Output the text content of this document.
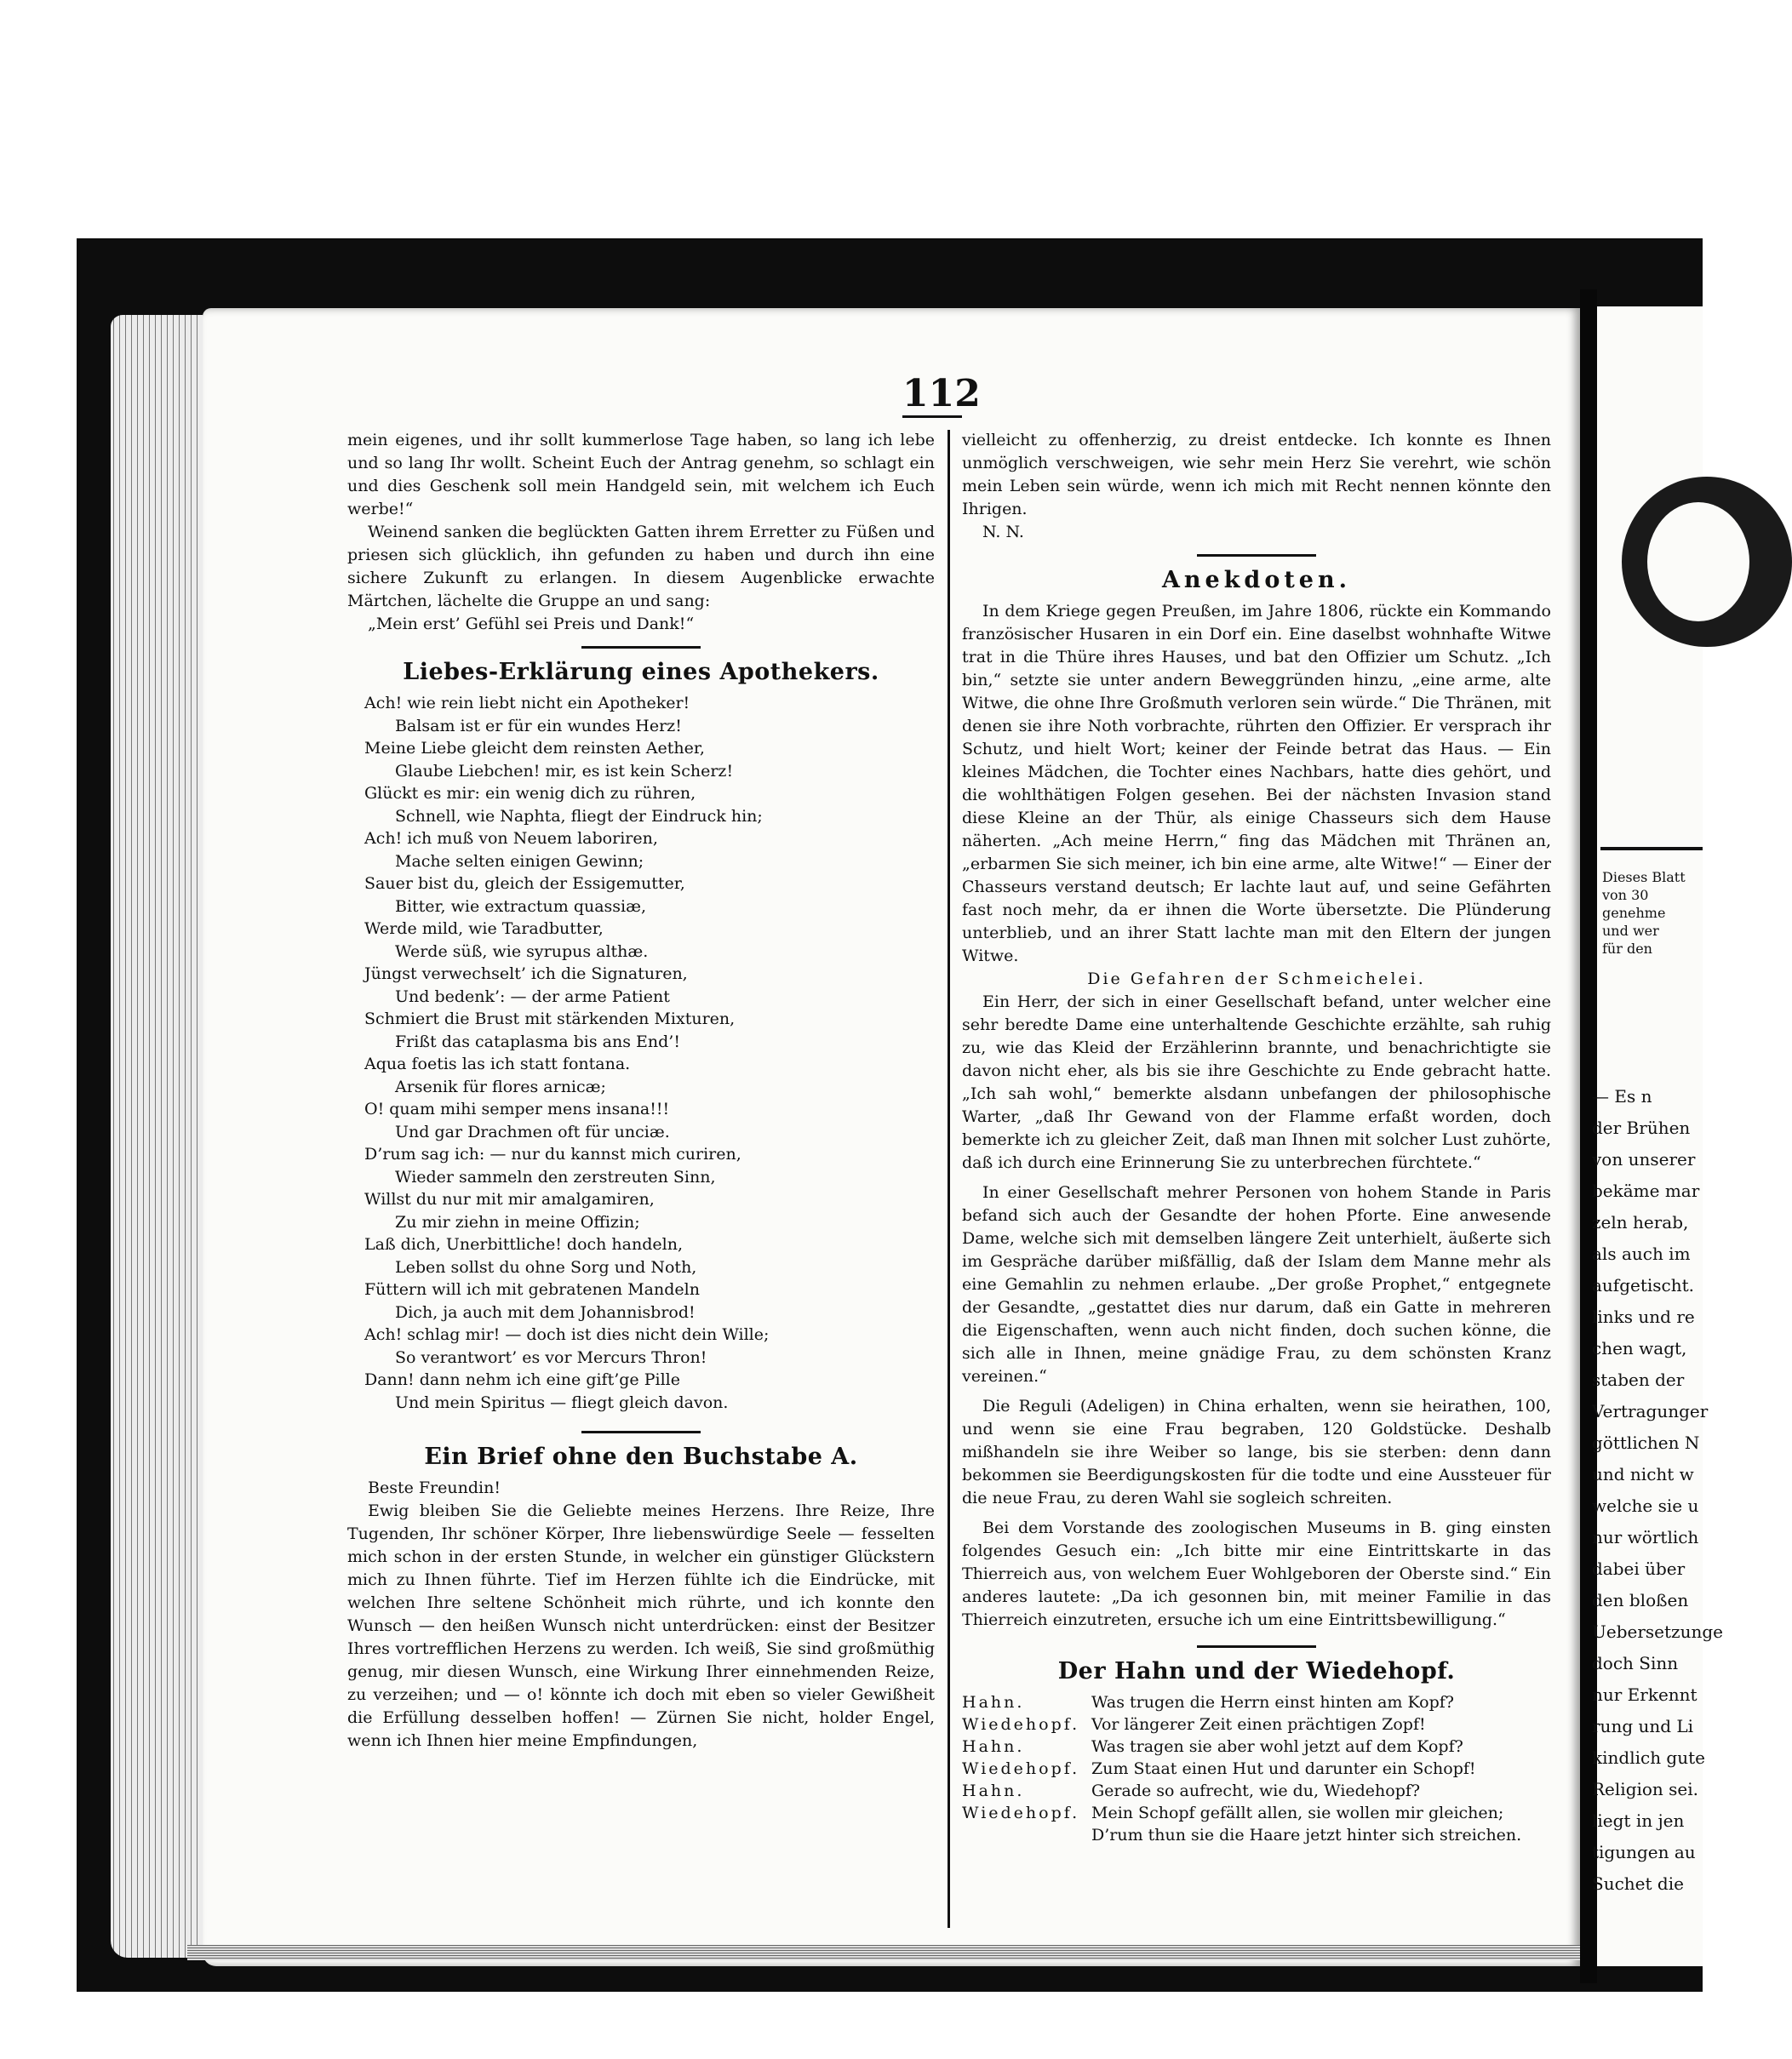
112

mein eigenes, und ihr sollt kummerlose Tage haben, so lang ich lebe und so lang Ihr wollt. Scheint Euch der Antrag genehm, so schlagt ein und dies Geschenk soll mein Handgeld sein, mit welchem ich Euch werbe!“

Weinend sanken die beglückten Gatten ihrem Erretter zu Füßen und priesen sich glücklich, ihn gefunden zu haben und durch ihn eine sichere Zukunft zu erlangen. In diesem Augenblicke erwachte Märtchen, lächelte die Gruppe an und sang:

„Mein erst’ Gefühl sei Preis und Dank!“

Liebes-Erklärung eines Apothekers.
Ach! wie rein liebt nicht ein Apotheker!
Balsam ist er für ein wundes Herz!
Meine Liebe gleicht dem reinsten Aether,
Glaube Liebchen! mir, es ist kein Scherz!
Glückt es mir: ein wenig dich zu rühren,
Schnell, wie Naphta, fliegt der Eindruck hin;
Ach! ich muß von Neuem laboriren,
Mache selten einigen Gewinn;
Sauer bist du, gleich der Essigemutter,
Bitter, wie extractum quassiæ,
Werde mild, wie Taradbutter,
Werde süß, wie syrupus althæ.
Jüngst verwechselt’ ich die Signaturen,
Und bedenk’: — der arme Patient
Schmiert die Brust mit stärkenden Mixturen,
Frißt das cataplasma bis ans End’!
Aqua foetis las ich statt fontana.
Arsenik für flores arnicæ;
O! quam mihi semper mens insana!!!
Und gar Drachmen oft für unciæ.
D’rum sag ich: — nur du kannst mich curiren,
Wieder sammeln den zerstreuten Sinn,
Willst du nur mit mir amalgamiren,
Zu mir ziehn in meine Offizin;
Laß dich, Unerbittliche! doch handeln,
Leben sollst du ohne Sorg und Noth,
Füttern will ich mit gebratenen Mandeln
Dich, ja auch mit dem Johannisbrod!
Ach! schlag mir! — doch ist dies nicht dein Wille;
So verantwort’ es vor Mercurs Thron!
Dann! dann nehm ich eine gift’ge Pille
Und mein Spiritus — fliegt gleich davon.
Ein Brief ohne den Buchstabe A.

Beste Freundin!

Ewig bleiben Sie die Geliebte meines Herzens. Ihre Reize, Ihre Tugenden, Ihr schöner Körper, Ihre liebenswürdige Seele — fesselten mich schon in der ersten Stunde, in welcher ein günstiger Glückstern mich zu Ihnen führte. Tief im Herzen fühlte ich die Eindrücke, mit welchen Ihre seltene Schönheit mich rührte, und ich konnte den Wunsch — den heißen Wunsch nicht unterdrücken: einst der Besitzer Ihres vortrefflichen Herzens zu werden. Ich weiß, Sie sind großmüthig genug, mir diesen Wunsch, eine Wirkung Ihrer einnehmenden Reize, zu verzeihen; und — o! könnte ich doch mit eben so vieler Gewißheit die Erfüllung desselben hoffen! — Zürnen Sie nicht, holder Engel, wenn ich Ihnen hier meine Empfindungen,

vielleicht zu offenherzig, zu dreist entdecke. Ich konnte es Ihnen unmöglich verschweigen, wie sehr mein Herz Sie verehrt, wie schön mein Leben sein würde, wenn ich mich mit Recht nennen könnte den Ihrigen.

N. N.

Anekdoten.

In dem Kriege gegen Preußen, im Jahre 1806, rückte ein Kommando französischer Husaren in ein Dorf ein. Eine daselbst wohnhafte Witwe trat in die Thüre ihres Hauses, und bat den Offizier um Schutz. „Ich bin,“ setzte sie unter andern Beweggründen hinzu, „eine arme, alte Witwe, die ohne Ihre Großmuth verloren sein würde.“ Die Thränen, mit denen sie ihre Noth vorbrachte, rührten den Offizier. Er versprach ihr Schutz, und hielt Wort; keiner der Feinde betrat das Haus. — Ein kleines Mädchen, die Tochter eines Nachbars, hatte dies gehört, und die wohlthätigen Folgen gesehen. Bei der nächsten Invasion stand diese Kleine an der Thür, als einige Chasseurs sich dem Hause näherten. „Ach meine Herrn,“ fing das Mädchen mit Thränen an, „erbarmen Sie sich meiner, ich bin eine arme, alte Witwe!“ — Einer der Chasseurs verstand deutsch; Er lachte laut auf, und seine Gefährten fast noch mehr, da er ihnen die Worte übersetzte. Die Plünderung unterblieb, und an ihrer Statt lachte man mit den Eltern der jungen Witwe.

Die Gefahren der Schmeichelei.

Ein Herr, der sich in einer Gesellschaft befand, unter welcher eine sehr beredte Dame eine unterhaltende Geschichte erzählte, sah ruhig zu, wie das Kleid der Erzählerinn brannte, und benachrichtigte sie davon nicht eher, als bis sie ihre Geschichte zu Ende gebracht hatte. „Ich sah wohl,“ bemerkte alsdann unbefangen der philosophische Warter, „daß Ihr Gewand von der Flamme erfaßt worden, doch bemerkte ich zu gleicher Zeit, daß man Ihnen mit solcher Lust zuhörte, daß ich durch eine Erinnerung Sie zu unterbrechen fürchtete.“

In einer Gesellschaft mehrer Personen von hohem Stande in Paris befand sich auch der Gesandte der hohen Pforte. Eine anwesende Dame, welche sich mit demselben längere Zeit unterhielt, äußerte sich im Gespräche darüber mißfällig, daß der Islam dem Manne mehr als eine Gemahlin zu nehmen erlaube. „Der große Prophet,“ entgegnete der Gesandte, „gestattet dies nur darum, daß ein Gatte in mehreren die Eigenschaften, wenn auch nicht finden, doch suchen könne, die sich alle in Ihnen, meine gnädige Frau, zu dem schönsten Kranz vereinen.“

Die Reguli (Adeligen) in China erhalten, wenn sie heirathen, 100, und wenn sie eine Frau begraben, 120 Goldstücke. Deshalb mißhandeln sie ihre Weiber so lange, bis sie sterben: denn dann bekommen sie Beerdigungskosten für die todte und eine Aussteuer für die neue Frau, zu deren Wahl sie sogleich schreiten.

Bei dem Vorstande des zoologischen Museums in B. ging einsten folgendes Gesuch ein: „Ich bitte mir eine Eintrittskarte in das Thierreich aus, von welchem Euer Wohlgeboren der Oberste sind.“ Ein anderes lautete: „Da ich gesonnen bin, mit meiner Familie in das Thierreich einzutreten, ersuche ich um eine Eintrittsbewilligung.“

Der Hahn und der Wiedehopf.
Hahn.	Was trugen die Herrn einst hinten am Kopf?
Wiedehopf. Vor längerer Zeit einen prächtigen Zopf!
Hahn.	Was tragen sie aber wohl jetzt auf dem Kopf?
Wiedehopf. Zum Staat einen Hut und darunter ein Schopf!
Hahn.	Gerade so aufrecht, wie du, Wiedehopf?
Wiedehopf. Mein Schopf gefällt allen, sie wollen mir gleichen;
D’rum thun sie die Haare jetzt hinter sich streichen.
Dieses Blatt
von 30
genehme
und wer
für den
— Es n
der Brühen
von unserer
bekäme mar
zeln herab,
als auch im
aufgetischt.
links und re
chen wagt,
staben der
Vertragunger
göttlichen N
und nicht w
welche sie u
nur wörtlich
dabei über
den bloßen
Uebersetzunge
doch Sinn
nur Erkennt
rung und Li
kindlich gute
Religion sei.
liegt in jen
tigungen au
Suchet die
